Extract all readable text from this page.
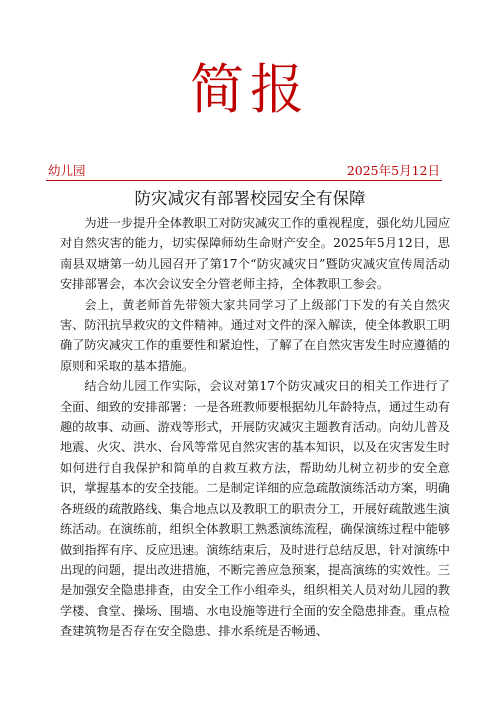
简报
幼儿园	2025年5月12日
防灾减灾有部署校园安全有保障

为进一步提升全体教职工对防灾减灾工作的重视程度，强化幼儿园应对自然灾害的能力，切实保障师幼生命财产安全。2025年5月12日，思南县双塘第一幼儿园召开了第17个“防灾减灾日”暨防灾减灾宣传周活动安排部署会，本次会议安全分管老师主持，全体教职工参会。

会上，黄老师首先带领大家共同学习了上级部门下发的有关自然灾害、防汛抗旱救灾的文件精神。通过对文件的深入解读，使全体教职工明确了防灾减灾工作的重要性和紧迫性，了解了在自然灾害发生时应遵循的原则和采取的基本措施。

结合幼儿园工作实际，会议对第17个防灾减灾日的相关工作进行了全面、细致的安排部署：一是各班教师要根据幼儿年龄特点，通过生动有趣的故事、动画、游戏等形式，开展防灾减灾主题教育活动。向幼儿普及地震、火灾、洪水、台风等常见自然灾害的基本知识，以及在灾害发生时如何进行自我保护和简单的自救互救方法，帮助幼儿树立初步的安全意识，掌握基本的安全技能。二是制定详细的应急疏散演练活动方案，明确各班级的疏散路线、集合地点以及教职工的职责分工，开展好疏散逃生演练活动。在演练前，组织全体教职工熟悉演练流程，确保演练过程中能够做到指挥有序、反应迅速。演练结束后，及时进行总结反思，针对演练中出现的问题，提出改进措施，不断完善应急预案，提高演练的实效性。三是加强安全隐患排查，由安全工作小组牵头，组织相关人员对幼儿园的教学楼、食堂、操场、围墙、水电设施等进行全面的安全隐患排查。重点检查建筑物是否存在安全隐患、排水系统是否畅通、
